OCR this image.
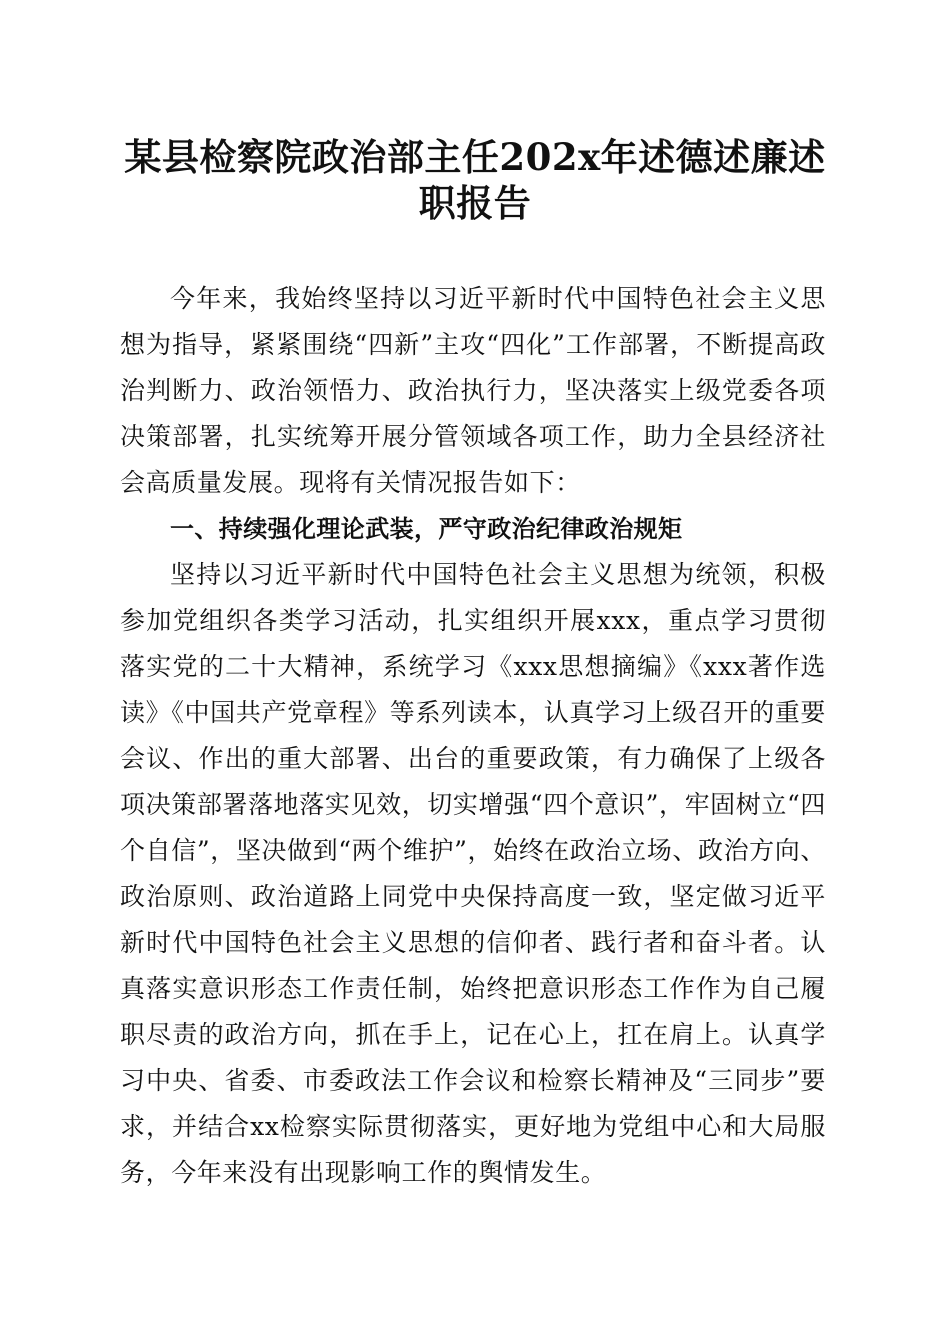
某县检察院政治部主任202x年述德述廉述职报告

今年来，我始终坚持以习近平新时代中国特色社会主义思想为指导，紧紧围绕“四新”主攻“四化”工作部署，不断提高政治判断力、政治领悟力、政治执行力，坚决落实上级党委各项决策部署，扎实统筹开展分管领域各项工作，助力全县经济社会高质量发展。现将有关情况报告如下：

一、持续强化理论武装，严守政治纪律政治规矩

坚持以习近平新时代中国特色社会主义思想为统领，积极参加党组织各类学习活动，扎实组织开展xxx，重点学习贯彻落实党的二十大精神，系统学习《xxx思想摘编》《xxx著作选读》《中国共产党章程》等系列读本，认真学习上级召开的重要会议、作出的重大部署、出台的重要政策，有力确保了上级各项决策部署落地落实见效，切实增强“四个意识”，牢固树立“四个自信”，坚决做到“两个维护”，始终在政治立场、政治方向、政治原则、政治道路上同党中央保持高度一致，坚定做习近平新时代中国特色社会主义思想的信仰者、践行者和奋斗者。认真落实意识形态工作责任制，始终把意识形态工作作为自己履职尽责的政治方向，抓在手上，记在心上，扛在肩上。认真学习中央、省委、市委政法工作会议和检察长精神及“三同步”要求，并结合xx检察实际贯彻落实，更好地为党组中心和大局服务，今年来没有出现影响工作的舆情发生。
